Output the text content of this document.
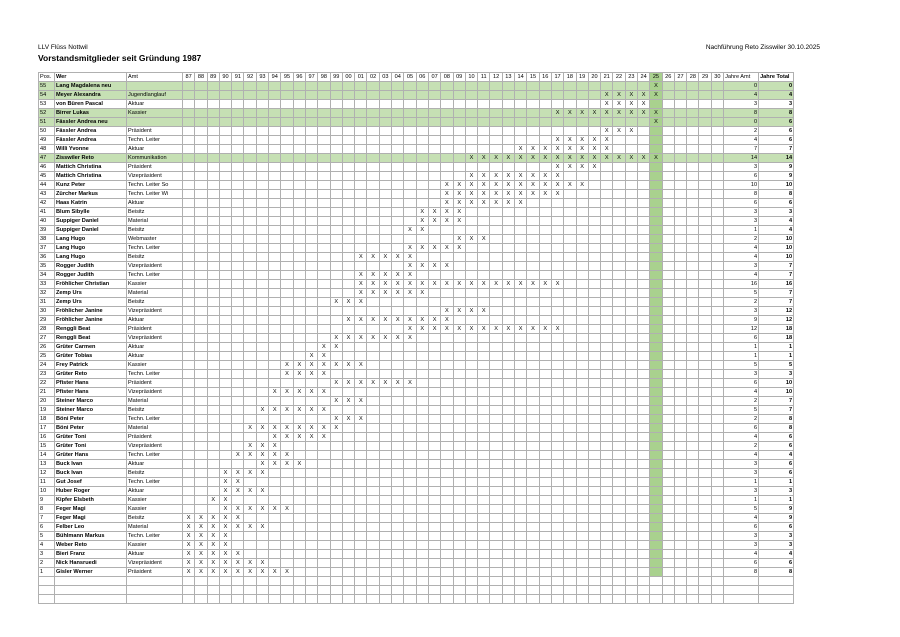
LLV Flüss Nottwil
Vorstandsmitglieder seit Gründung 1987
Nachführung Reto Zisswiler 30.10.2025
Pos.	Wer	Amt	87	88	89	90	91	92	93	94	95	96	97	98	99	00	01	02	03	04	05	06	07	08	09	10	11	12	13	14	15	16	17	18	19	20	21	22	23	24	25	26	27	28	29	30	Jahre Amt	Jahre Total
55	Lang Magdalena neu																																								X						0	0
54	Meyer Alexandra	Jugendlanglauf																																			X	X	X	X	X						4	4
53	von Büren Pascal	Aktuar																																			X	X	X	X							3	3
52	Birrer Lukas	Kassier																															X	X	X	X	X	X	X	X	X						8	8
51	Fässler Andrea neu																																								X						0	6
50	Fässler Andrea	Präsident																																			X	X	X								2	6
49	Fässler Andrea	Techn. Leiter																															X	X	X	X	X										4	6
48	Willi Yvonne	Aktuar																												X	X	X	X	X	X	X	X										7	7
47	Zisswiler Reto	Kommunikation																								X	X	X	X	X	X	X	X	X	X	X	X	X	X	X	X						14	14
46	Mattich Christina	Präsident																															X	X	X	X											3	9
45	Mattich Christina	Vizepräsident																								X	X	X	X	X	X	X	X														6	9
44	Kunz Peter	Techn. Leiter So																						X	X	X	X	X	X	X	X	X	X	X	X												10	10
43	Zürcher Markus	Techn. Leiter Wi																						X	X	X	X	X	X	X	X	X	X														8	8
42	Haas Katrin	Aktuar																						X	X	X	X	X	X	X																	6	6
41	Blum Sibylle	Beisitz																				X	X	X	X																						3	3
40	Suppiger Daniel	Material																				X	X	X	X																						3	4
39	Suppiger Daniel	Beisitz																			X	X																									1	4
38	Lang Hugo	Webmaster																							X	X	X																				2	10
37	Lang Hugo	Techn. Leiter																			X	X	X	X	X																						4	10
36	Lang Hugo	Beisitz															X	X	X	X	X																										4	10
35	Rogger Judith	Vizepräsident																			X	X	X	X																							3	7
34	Rogger Judith	Techn. Leiter															X	X	X	X	X																										4	7
33	Fröhlicher Christian	Kassier															X	X	X	X	X	X	X	X	X	X	X	X	X	X	X	X	X														16	16
32	Zemp Urs	Material															X	X	X	X	X	X																									5	7
31	Zemp Urs	Beisitz													X	X	X																														2	7
30	Fröhlicher Janine	Vizepräsident																						X	X	X	X																				3	12
29	Fröhlicher Janine	Aktuar														X	X	X	X	X	X	X	X	X																							9	12
28	Renggli Beat	Präsident																			X	X	X	X	X	X	X	X	X	X	X	X	X														12	18
27	Renggli Beat	Vizepräsident													X	X	X	X	X	X	X																										6	18
26	Grüter Carmen	Aktuar												X	X																																1	1
25	Grüter Tobias	Aktuar											X	X																																	1	1
24	Frey Patrick	Kassier									X	X	X	X	X	X	X																														5	5
23	Grüter Reto	Techn. Leiter									X	X	X	X																																	3	3
22	Pfister Hans	Präsident													X	X	X	X	X	X	X																										6	10
21	Pfister Hans	Vizepräsident								X	X	X	X	X																																	4	10
20	Steiner Marco	Material													X	X	X																														2	7
19	Steiner Marco	Beisitz							X	X	X	X	X	X																																	5	7
18	Böni Peter	Techn. Leiter													X	X	X																														2	8
17	Böni Peter	Material						X	X	X	X	X	X	X	X																																6	8
16	Grüter Toni	Präsident								X	X	X	X	X																																	4	6
15	Grüter Toni	Vizepräsident						X	X	X																																					2	6
14	Grüter Hans	Techn. Leiter					X	X	X	X	X																																				4	4
13	Buck Ivan	Aktuar							X	X	X	X																																			3	6
12	Buck Ivan	Beisitz				X	X	X	X																																						3	6
11	Gut Josef	Techn. Leiter				X	X																																								1	1
10	Huber Roger	Aktuar				X	X	X	X																																						3	3
9	Kipfer Elsbeth	Kassier			X	X																																									1	1
8	Feger Magi	Kassier				X	X	X	X	X	X																																				5	9
7	Feger Magi	Beisitz	X	X	X	X	X																																								4	9
6	Felber Leo	Material	X	X	X	X	X	X	X																																						6	6
5	Bühlmann Markus	Techn. Leiter	X	X	X	X																																									3	3
4	Weber Reto	Kassier	X	X	X	X																																									3	3
3	Bieri Franz	Aktuar	X	X	X	X	X																																								4	4
2	Nick Hansruedi	Vizepräsident	X	X	X	X	X	X	X																																						6	6
1	Gisler Werner	Präsident	X	X	X	X	X	X	X	X	X																																				8	8
